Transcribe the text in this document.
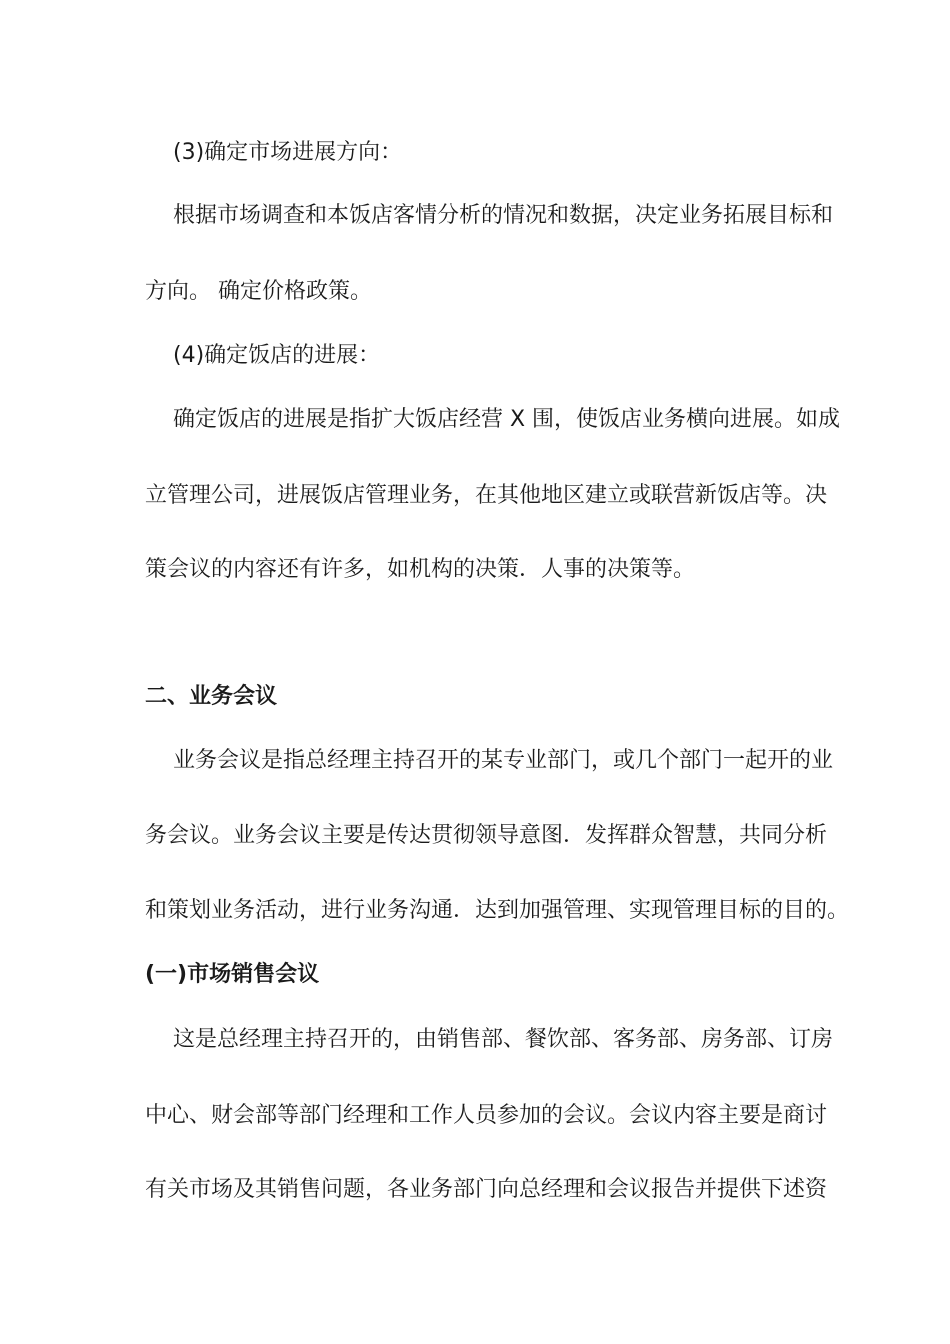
(3)确定市场进展方向：
根据市场调查和本饭店客情分析的情况和数据，决定业务拓展目标和
方向。 确定价格政策。
(4)确定饭店的进展：
确定饭店的进展是指扩大饭店经营 X 围，使饭店业务横向进展。如成
立管理公司，进展饭店管理业务，在其他地区建立或联营新饭店等。决
策会议的内容还有许多，如机构的决策．人事的决策等。
二、业务会议
业务会议是指总经理主持召开的某专业部门，或几个部门一起开的业
务会议。业务会议主要是传达贯彻领导意图．发挥群众智慧，共同分析
和策划业务活动，进行业务沟通．达到加强管理、实现管理目标的目的。
(一)市场销售会议
这是总经理主持召开的，由销售部、餐饮部、客务部、房务部、订房
中心、财会部等部门经理和工作人员参加的会议。会议内容主要是商讨
有关市场及其销售问题，各业务部门向总经理和会议报告并提供下述资
